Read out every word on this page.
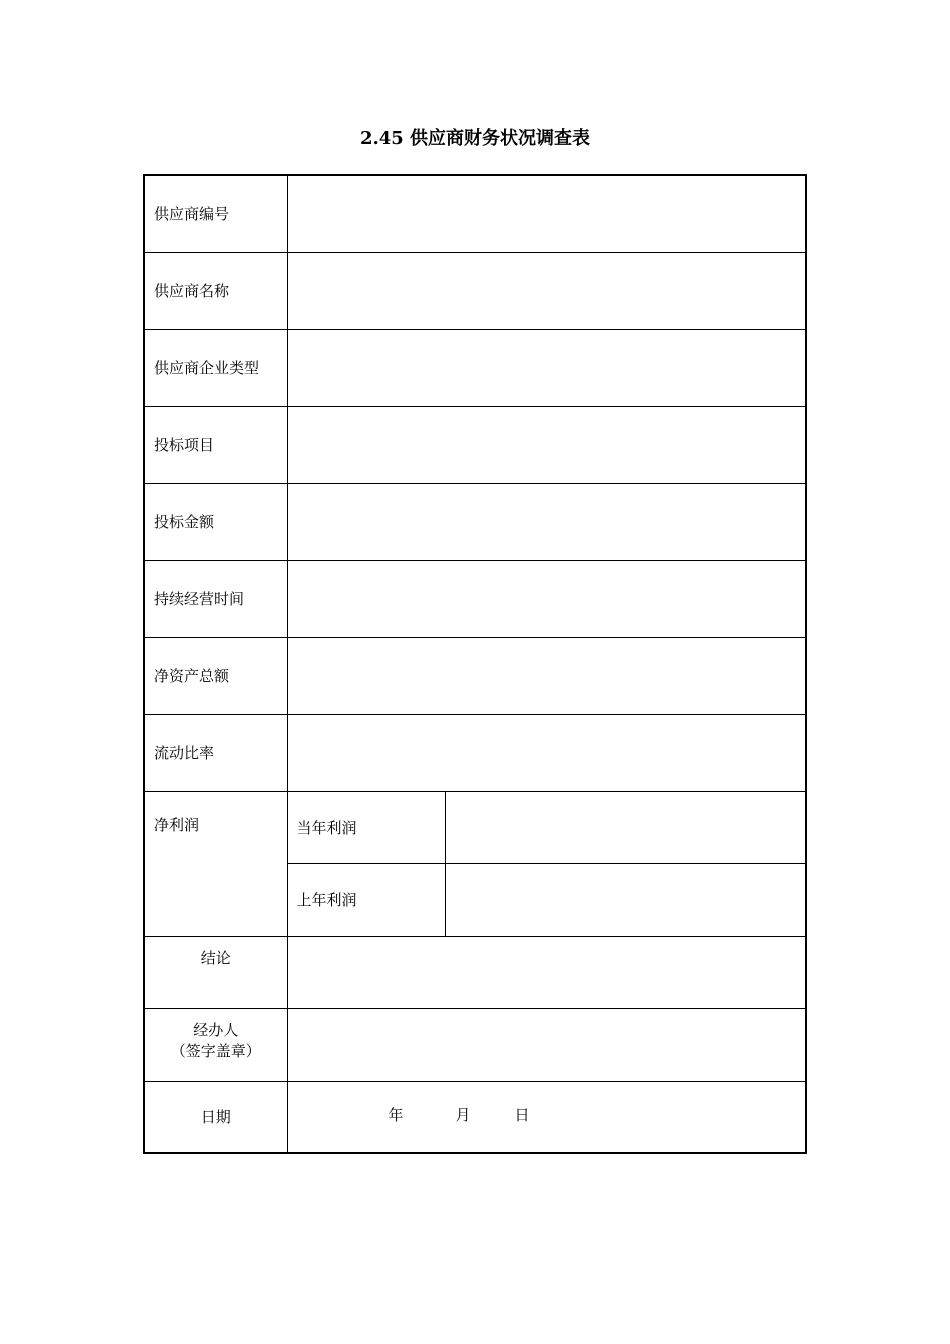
2.45 供应商财务状况调查表
供应商编号		
供应商名称		
供应商企业类型		
投标项目		
投标金额		
持续经营时间		
净资产总额		
流动比率		
净利润	当年利润	
	上年利润	
结论		

经办人
（签字盖章）		

日期	年 月 日	
